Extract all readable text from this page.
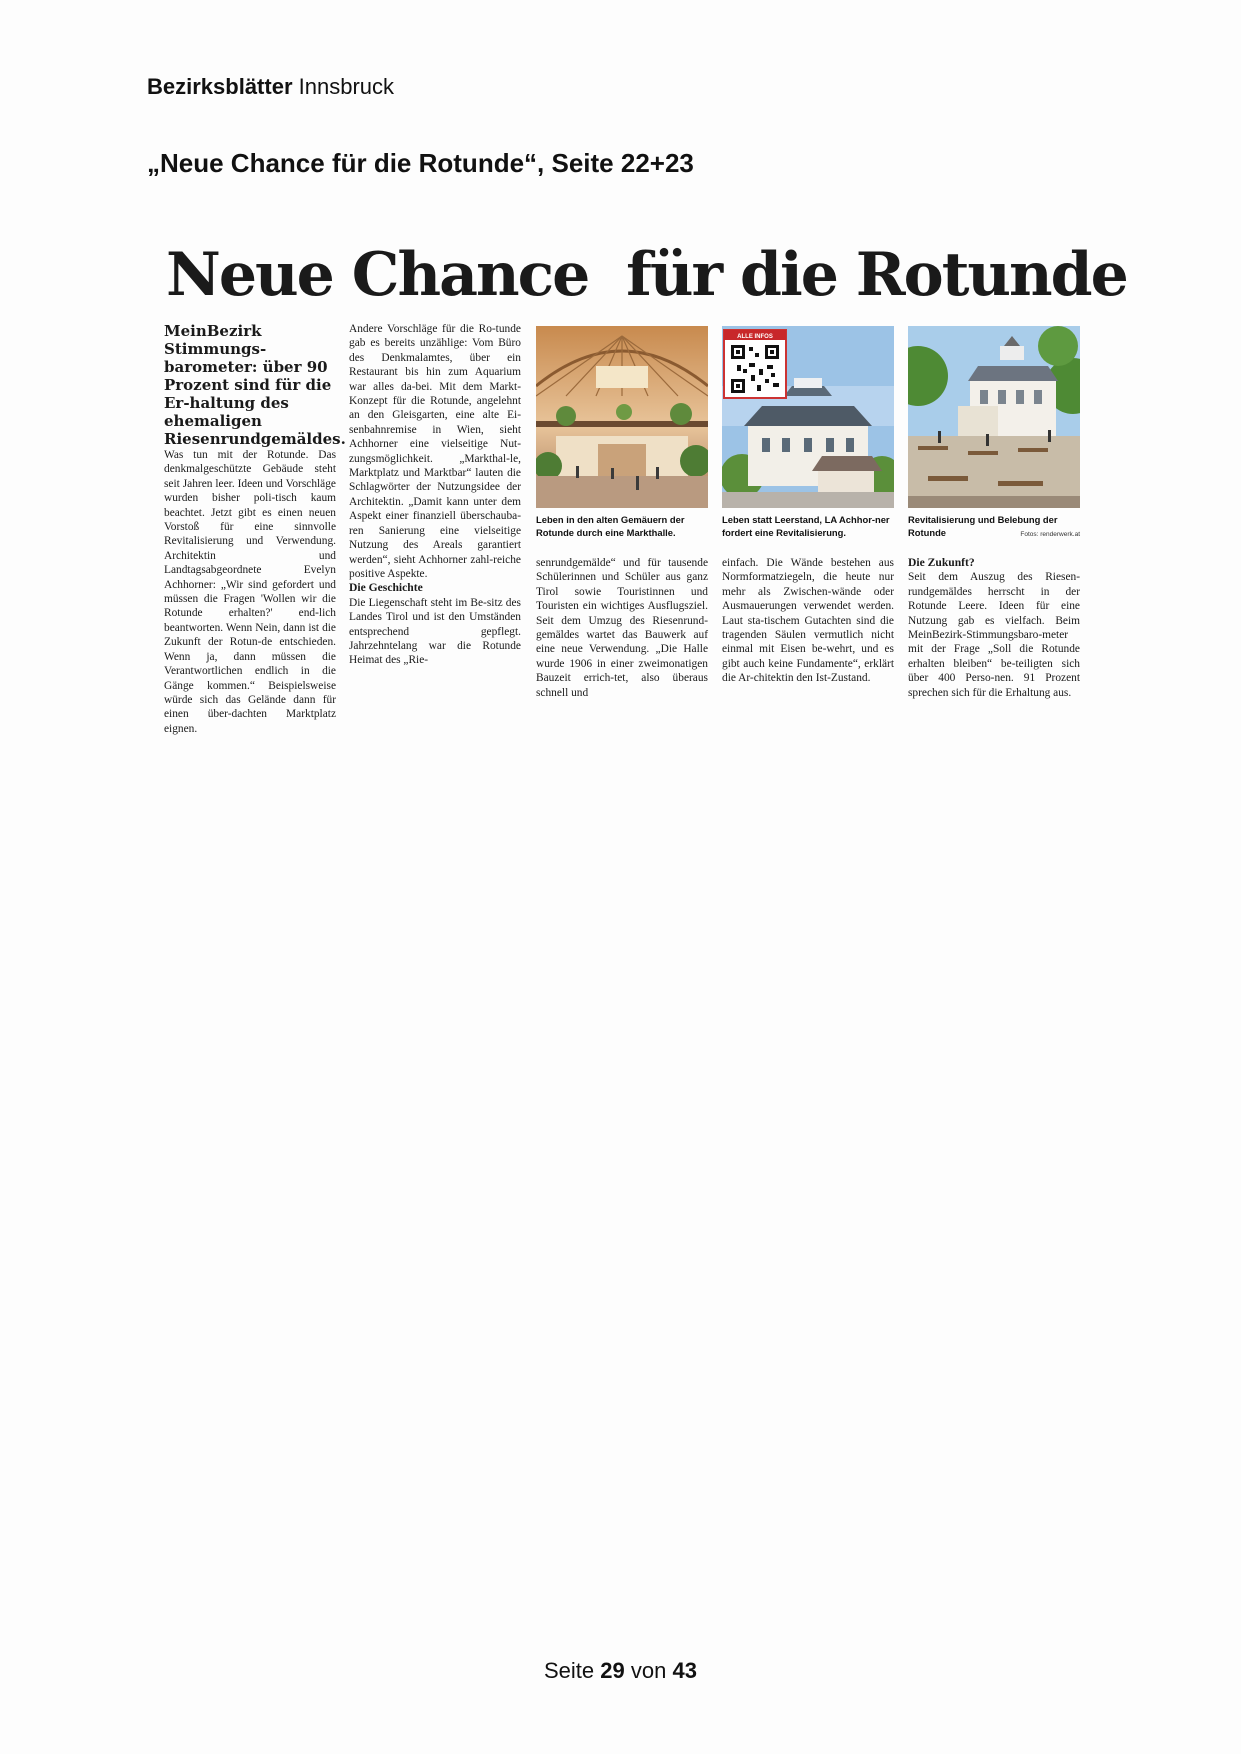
Bezirksblätter Innsbruck
„Neue Chance für die Rotunde“, Seite 22+23
Neue Chance  für die Rotunde

MeinBezirk Stimmungs-barometer: über 90 Prozent sind für die Er-haltung des ehemaligen Riesenrundgemäldes.

Was tun mit der Rotunde. Das denkmalgeschützte Gebäude steht seit Jahren leer. Ideen und Vorschläge wurden bisher poli-tisch kaum beachtet. Jetzt gibt es einen neuen Vorstoß für eine sinnvolle Revitalisierung und Verwendung. Architektin und Landtagsabgeordnete Evelyn Achhorner: „Wir sind gefordert und müssen die Fragen 'Wollen wir die Rotunde erhalten?' end-lich beantworten. Wenn Nein, dann ist die Zukunft der Rotun-de entschieden. Wenn ja, dann müssen die Verantwortlichen endlich in die Gänge kommen.“ Beispielsweise würde sich das Gelände dann für einen über-dachten Marktplatz eignen.

Andere Vorschläge für die Ro-tunde gab es bereits unzählige: Vom Büro des Denkmalamtes, über ein Restaurant bis hin zum Aquarium war alles da-bei. Mit dem Markt-Konzept für die Rotunde, angelehnt an den Gleisgarten, eine alte Ei-senbahnremise in Wien, sieht Achhorner eine vielseitige Nut-zungsmöglichkeit. „Markthal-le, Marktplatz und Marktbar“ lauten die Schlagwörter der Nutzungsidee der Architektin. „Damit kann unter dem Aspekt einer finanziell überschauba-ren Sanierung eine vielseitige Nutzung des Areals garantiert werden“, sieht Achhorner zahl-reiche positive Aspekte.

Die Geschichte

Die Liegenschaft steht im Be-sitz des Landes Tirol und ist den Umständen entsprechend gepflegt. Jahrzehntelang war die Rotunde Heimat des „Rie-

Leben in den alten Gemäuern der Rotunde durch eine Markthalle.
ALLE INFOS
Leben statt Leerstand, LA Achhor-ner fordert eine Revitalisierung.
Revitalisierung und Belebung der Rotunde	Fotos: renderwerk.at

senrundgemälde“ und für tausende Schülerinnen und Schüler aus ganz Tirol sowie Touristinnen und Touristen ein wichtiges Ausflugsziel. Seit dem Umzug des Riesenrund-gemäldes wartet das Bauwerk auf eine neue Verwendung. „Die Halle wurde 1906 in einer zweimonatigen Bauzeit errich-tet, also überaus schnell und

einfach. Die Wände bestehen aus Normformatziegeln, die heute nur mehr als Zwischen-wände oder Ausmauerungen verwendet werden. Laut sta-tischem Gutachten sind die tragenden Säulen vermutlich nicht einmal mit Eisen be-wehrt, und es gibt auch keine Fundamente“, erklärt die Ar-chitektin den Ist-Zustand.

Die Zukunft?

Seit dem Auszug des Riesen-rundgemäldes herrscht in der Rotunde Leere. Ideen für eine Nutzung gab es vielfach. Beim MeinBezirk-Stimmungsbaro-meter mit der Frage „Soll die Rotunde erhalten bleiben“ be-teiligten sich über 400 Perso-nen. 91 Prozent sprechen sich für die Erhaltung aus.

Seite 29 von 43
